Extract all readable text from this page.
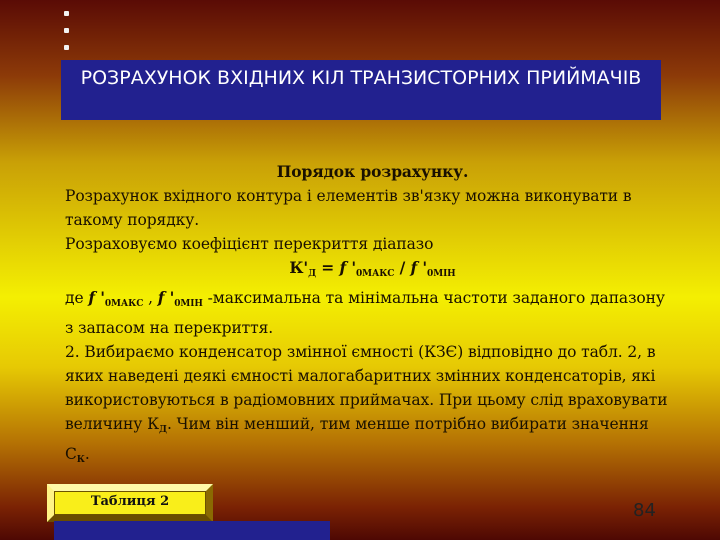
РОЗРАХУНОК ВХІДНИХ КІЛ ТРАНЗИСТОРНИХ ПРИЙМАЧІВ
Порядок розрахунку.
Розрахунок вхідного контура і елементів зв'язку можна виконувати в такому порядку.
Розраховуємо коефіцієнт перекриття діапазо
$К'_Д = f$ '$_{0МАКС}$ / f '$_{0МІН}$
де f '$_{0МАКС}$ , f '$_{0МІН}$ -максимальна та мінімальна частоти заданого дапазону з запасом на перекриття.
2. Вибираємо конденсатор змінної ємності (КЗЄ) відповідно до табл. 2, в яких наведені деякі ємності малогабаритних змінних конденсаторів, які використовуються в радіомовних приймачах. При цьому слід враховувати величину $К_Д$. Чим він менший, тим менше потрібно вибирати значення $С_К$.
Таблиця 2	84
